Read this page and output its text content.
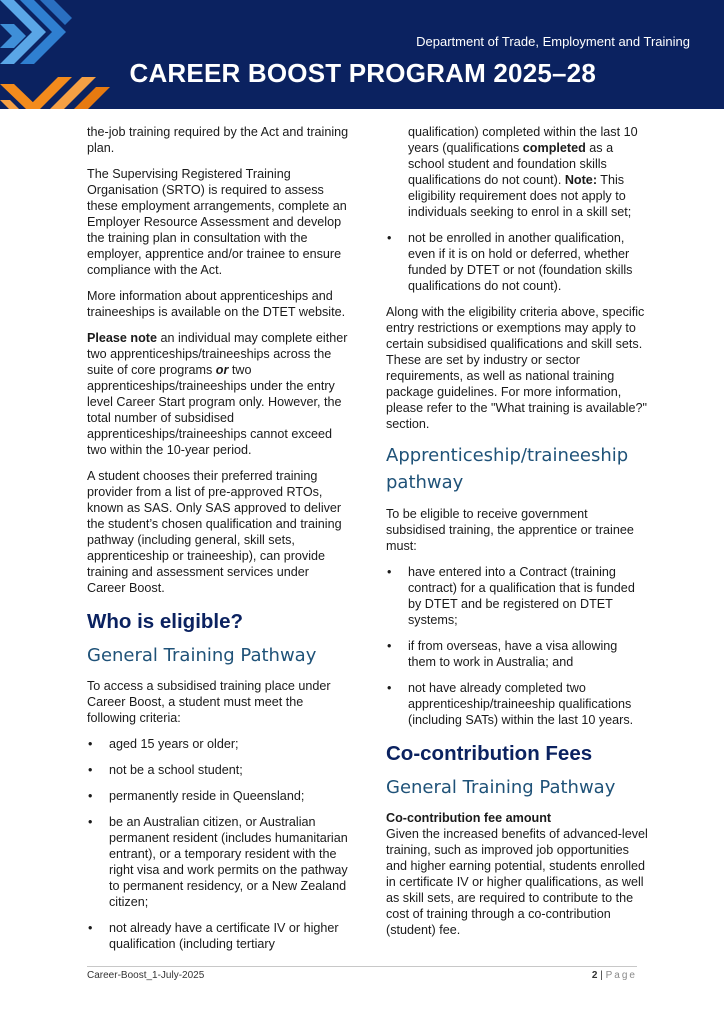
Department of Trade, Employment and Training
CAREER BOOST PROGRAM 2025–28

the-job training required by the Act and training plan.

The Supervising Registered Training Organisation (SRTO) is required to assess these employment arrangements, complete an Employer Resource Assessment and develop the training plan in consultation with the employer, apprentice and/or trainee to ensure compliance with the Act.

More information about apprenticeships and traineeships is available on the DTET website.

Please note an individual may complete either two apprenticeships/traineeships across the suite of core programs or two apprenticeships/traineeships under the entry level Career Start program only. However, the total number of subsidised apprenticeships/traineeships cannot exceed two within the 10-year period.

A student chooses their preferred training provider from a list of pre-approved RTOs, known as SAS. Only SAS approved to deliver the student’s chosen qualification and training pathway (including general, skill sets, apprenticeship or traineeship), can provide training and assessment services under Career Boost.

Who is eligible?
General Training Pathway

To access a subsidised training place under Career Boost, a student must meet the following criteria:

• aged 15 years or older;
• not be a school student;
• permanently reside in Queensland;
• be an Australian citizen, or Australian permanent resident (includes humanitarian entrant), or a temporary resident with the right visa and work permits on the pathway to permanent residency, or a New Zealand citizen;
• not already have a certificate IV or higher qualification (including tertiary

qualification) completed within the last 10 years (qualifications completed as a school student and foundation skills qualifications do not count). Note: This eligibility requirement does not apply to individuals seeking to enrol in a skill set;

• not be enrolled in another qualification, even if it is on hold or deferred, whether funded by DTET or not (foundation skills qualifications do not count).

Along with the eligibility criteria above, specific entry restrictions or exemptions may apply to certain subsidised qualifications and skill sets. These are set by industry or sector requirements, as well as national training package guidelines. For more information, please refer to the "What training is available?" section.

Apprenticeship/traineeship pathway

To be eligible to receive government subsidised training, the apprentice or trainee must:

• have entered into a Contract (training contract) for a qualification that is funded by DTET and be registered on DTET systems;
• if from overseas, have a visa allowing them to work in Australia; and
• not have already completed two apprenticeship/traineeship qualifications (including SATs) within the last 10 years.
Co-contribution Fees
General Training Pathway

Co-contribution fee amount

Given the increased benefits of advanced-level training, such as improved job opportunities and higher earning potential, students enrolled in certificate IV or higher qualifications, as well as skill sets, are required to contribute to the cost of training through a co-contribution (student) fee.

Career-Boost_1-July-2025	2 | Page
